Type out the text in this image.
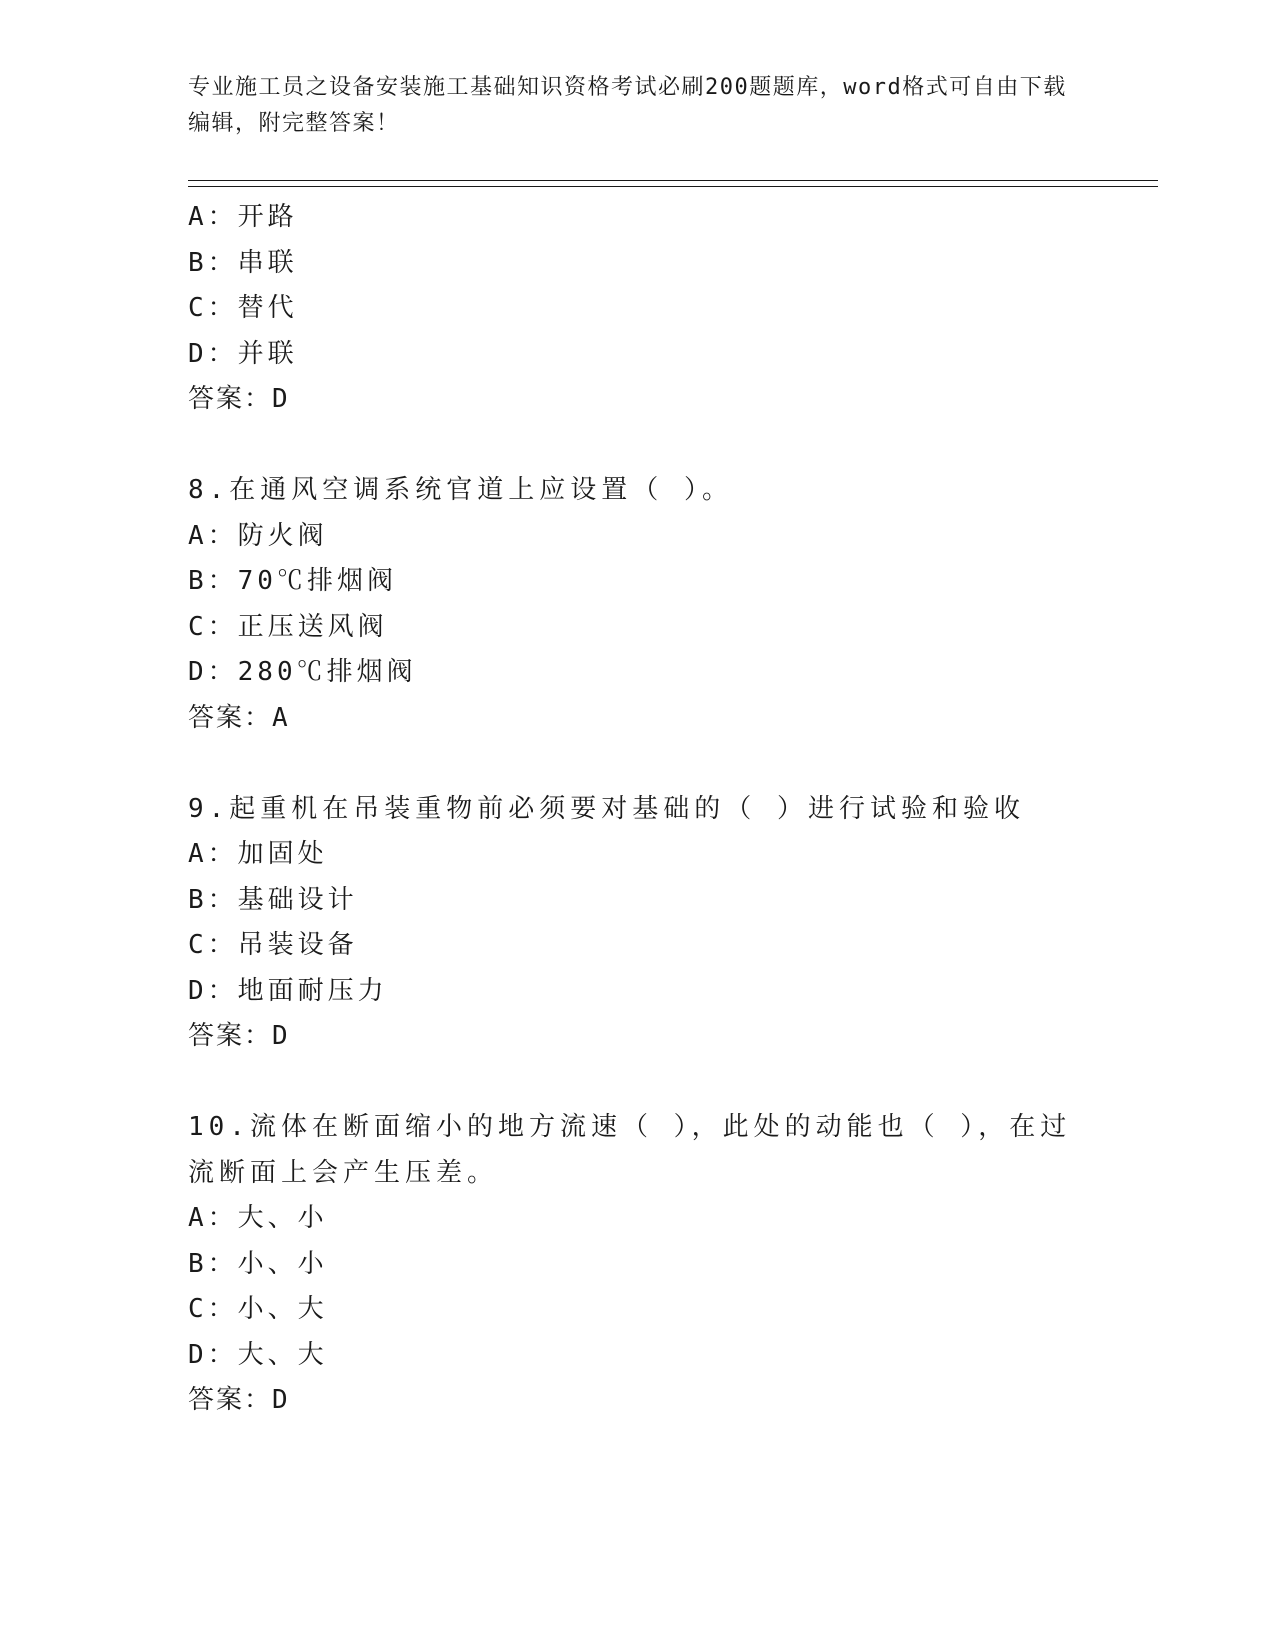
专业施工员之设备安装施工基础知识资格考试必刷200题题库，word格式可自由下载编辑，附完整答案！
A：开路
B：串联
C：替代
D：并联
答案：D
8.在通风空调系统官道上应设置（ ）。
A：防火阀
B：70℃排烟阀
C：正压送风阀
D：280℃排烟阀
答案：A
9.起重机在吊装重物前必须要对基础的（ ）进行试验和验收
A：加固处
B：基础设计
C：吊装设备
D：地面耐压力
答案：D
10.流体在断面缩小的地方流速（ ），此处的动能也（ ），在过流断面上会产生压差。
A：大、小
B：小、小
C：小、大
D：大、大
答案：D
